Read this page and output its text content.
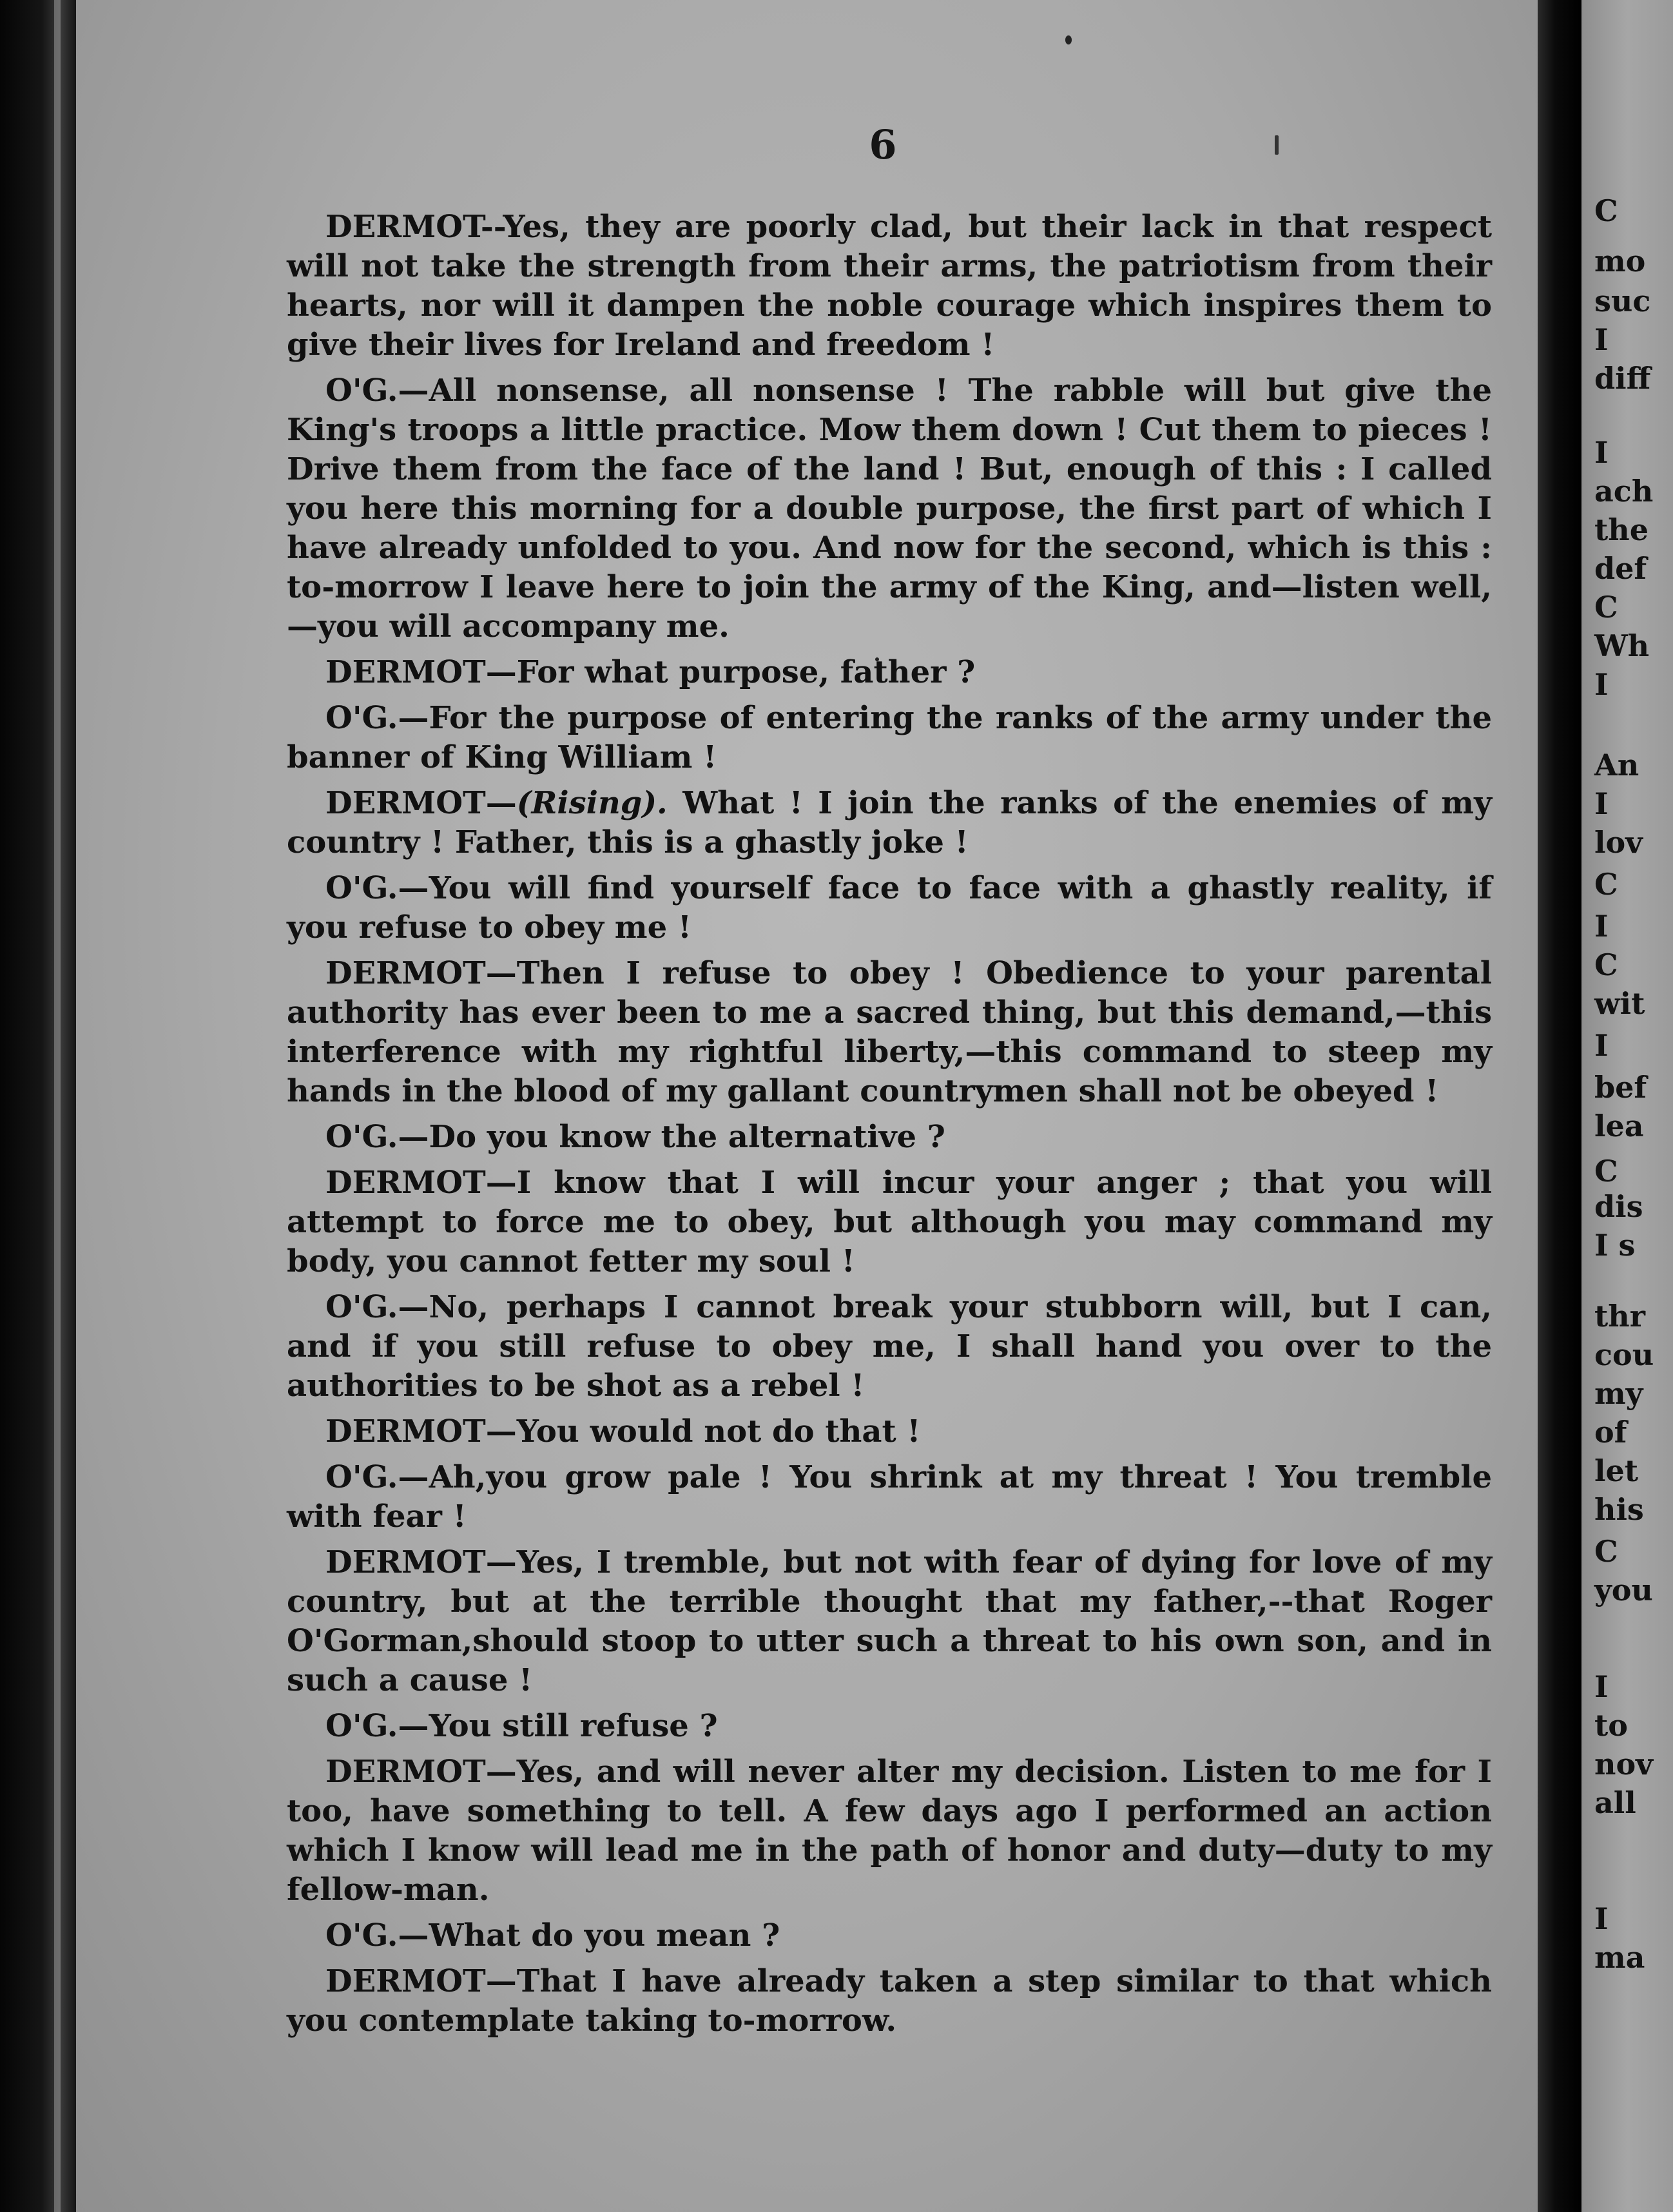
6

DERMOT--Yes, they are poorly clad, but their lack in that respect will not take the strength from their arms, the patriotism from their hearts, nor will it dampen the noble courage which inspires them to give their lives for Ireland and freedom !

O'G.—All nonsense, all nonsense ! The rabble will but give the King's troops a little practice. Mow them down ! Cut them to pieces ! Drive them from the face of the land ! But, enough of this : I called you here this morning for a double purpose, the first part of which I have already unfolded to you. And now for the second, which is this : to-morrow I leave here to join the army of the King, and—listen well,—you will accompany me.

DERMOT—For what purpose, father ?

O'G.—For the purpose of entering the ranks of the army under the banner of King William !

DERMOT—(Rising). What ! I join the ranks of the enemies of my country ! Father, this is a ghastly joke !

O'G.—You will find yourself face to face with a ghastly reality, if you refuse to obey me !

DERMOT—Then I refuse to obey ! Obedience to your parental authority has ever been to me a sacred thing, but this demand,—this interference with my rightful liberty,—this command to steep my hands in the blood of my gallant countrymen shall not be obeyed !

O'G.—Do you know the alternative ?

DERMOT—I know that I will incur your anger ; that you will attempt to force me to obey, but although you may command my body, you cannot fetter my soul !

O'G.—No, perhaps I cannot break your stubborn will, but I can, and if you still refuse to obey me, I shall hand you over to the authorities to be shot as a rebel !

DERMOT—You would not do that !

O'G.—Ah,you grow pale ! You shrink at my threat ! You tremble with fear !

DERMOT—Yes, I tremble, but not with fear of dying for love of my country, but at the terrible thought that my father,--that Roger O'Gorman,should stoop to utter such a threat to his own son, and in such a cause !

O'G.—You still refuse ?

DERMOT—Yes, and will never alter my decision. Listen to me for I too, have something to tell. A few days ago I performed an action which I know will lead me in the path of honor and duty—duty to my fellow-man.

O'G.—What do you mean ?

DERMOT—That I have already taken a step similar to that which you contemplate taking to-morrow.

C
mo
suc
I
diff
I
ach
the
def
C
Wh
I
An
I
lov
C
I
C
wit
I
bef
lea
C
dis
I s
thr
cou
my
of
let
his
C
you
I
to
nov
all
I
ma
